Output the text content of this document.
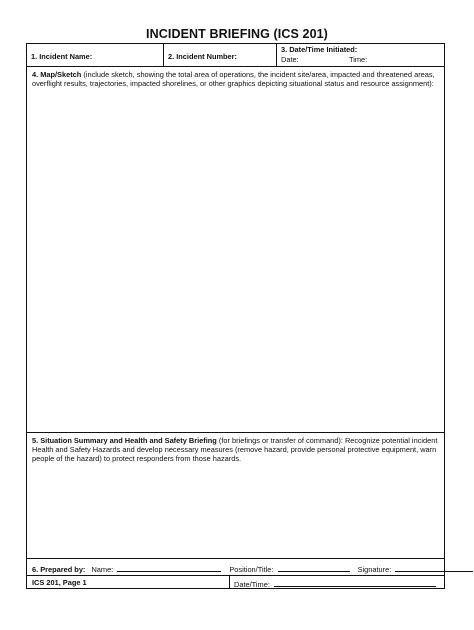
INCIDENT BRIEFING (ICS 201)
1. Incident Name:	2. Incident Number:
3. Date/Time Initiated:
Date:	Time:
4. Map/Sketch (include sketch, showing the total area of operations, the incident site/area, impacted and threatened areas, overflight results, trajectories, impacted shorelines, or other graphics depicting situational status and resource assignment):
5. Situation Summary and Health and Safety Briefing (for briefings or transfer of command): Recognize potential incident Health and Safety Hazards and develop necessary measures (remove hazard, provide personal protective equipment, warn people of the hazard) to protect responders from those hazards.
6. Prepared by: Name:	Position/Title:	Signature:
ICS 201, Page 1	Date/Time:
